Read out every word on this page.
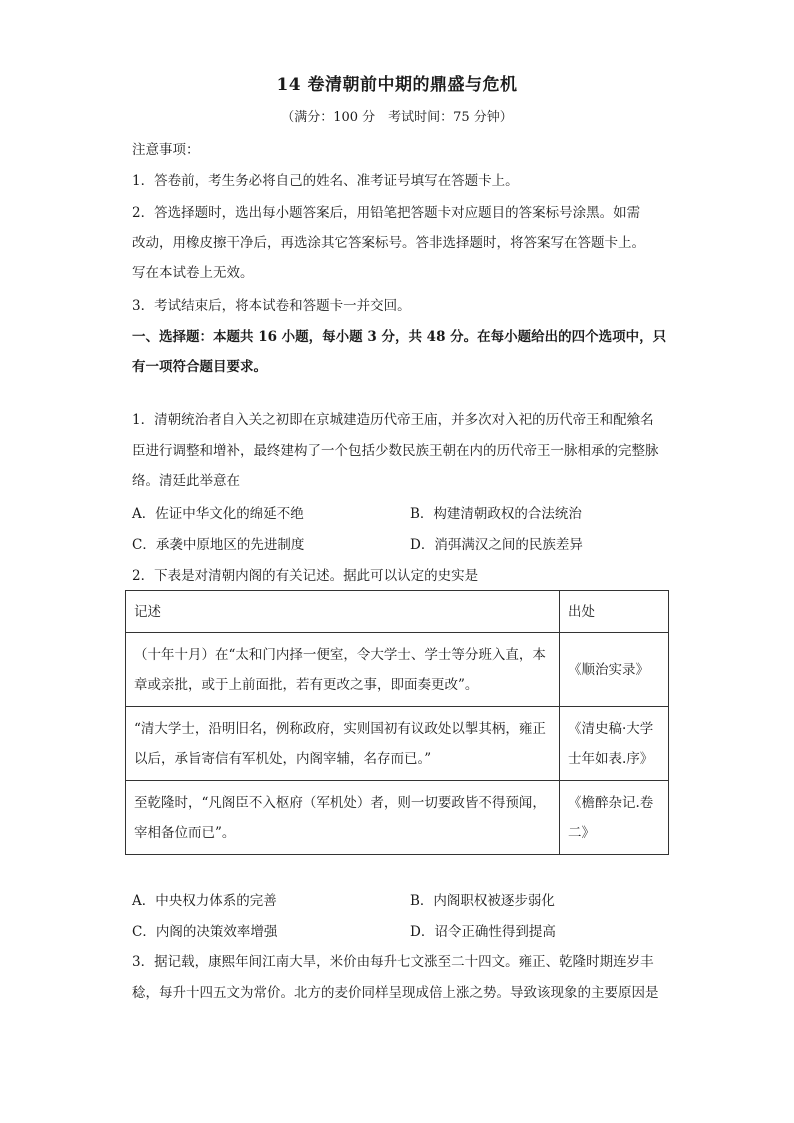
14 卷清朝前中期的鼎盛与危机
（满分：100 分　考试时间：75 分钟）
注意事项：
1．答卷前，考生务必将自己的姓名、准考证号填写在答题卡上。
2．答选择题时，选出每小题答案后，用铅笔把答题卡对应题目的答案标号涂黑。如需
改动，用橡皮擦干净后，再选涂其它答案标号。答非选择题时，将答案写在答题卡上。
写在本试卷上无效。
3．考试结束后，将本试卷和答题卡一并交回。
一、选择题：本题共 16 小题，每小题 3 分，共 48 分。在每小题给出的四个选项中，只
有一项符合题目要求。
1．清朝统治者自入关之初即在京城建造历代帝王庙，并多次对入祀的历代帝王和配飨名臣进行调整和增补，最终建构了一个包括少数民族王朝在内的历代帝王一脉相承的完整脉络。清廷此举意在
A．佐证中华文化的绵延不绝	B．构建清朝政权的合法统治
C．承袭中原地区的先进制度	D．消弭满汉之间的民族差异
2．下表是对清朝内阁的有关记述。据此可以认定的史实是
记述	出处
（十年十月）在“太和门内择一便室，令大学士、学士等分班入直，本章或亲批，或于上前面批，若有更改之事，即面奏更改”。	《顺治实录》
“清大学士，沿明旧名，例称政府，实则国初有议政处以掣其柄，雍正以后，承旨寄信有军机处，内阁宰辅，名存而已。”	《清史稿·大学士年如表.序》
至乾隆时，“凡阁臣不入枢府（军机处）者，则一切要政皆不得预闻，宰相备位而已”。	《檐醉杂记.卷二》
A．中央权力体系的完善	B．内阁职权被逐步弱化
C．内阁的决策效率增强	D．诏令正确性得到提高
3．据记载，康熙年间江南大旱，米价由每升七文涨至二十四文。雍正、乾隆时期连岁丰稔，每升十四五文为常价。北方的麦价同样呈现成倍上涨之势。导致该现象的主要原因是
